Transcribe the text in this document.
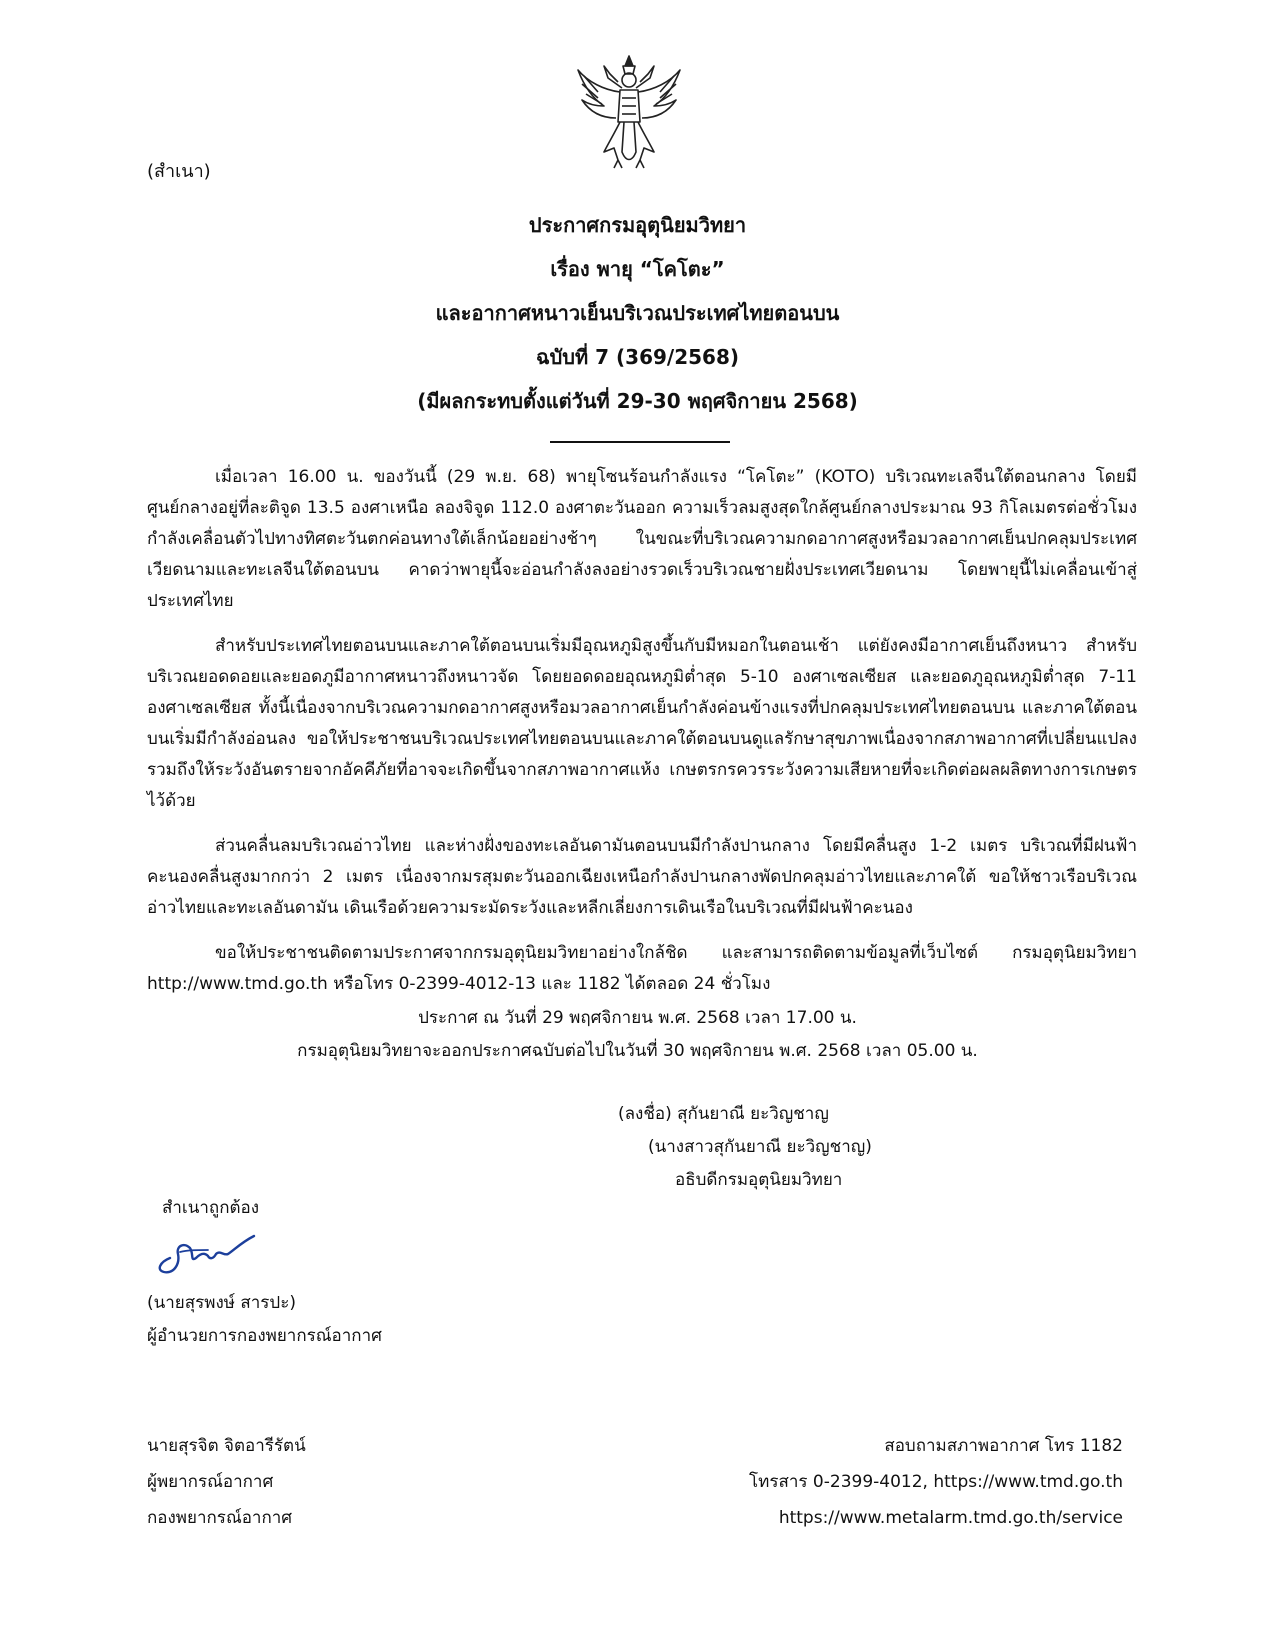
(สำเนา)
ประกาศกรมอุตุนิยมวิทยา
เรื่อง พายุ “โคโตะ”
และอากาศหนาวเย็นบริเวณประเทศไทยตอนบน
ฉบับที่ 7 (369/2568)
(มีผลกระทบตั้งแต่วันที่ 29-30 พฤศจิกายน 2568)

เมื่อเวลา 16.00 น. ของวันนี้ (29 พ.ย. 68) พายุโซนร้อนกำลังแรง “โคโตะ” (KOTO) บริเวณทะเลจีนใต้ตอนกลาง โดยมีศูนย์กลางอยู่ที่ละติจูด 13.5 องศาเหนือ ลองจิจูด 112.0 องศาตะวันออก ความเร็วลมสูงสุดใกล้ศูนย์กลางประมาณ 93 กิโลเมตรต่อชั่วโมง กำลังเคลื่อนตัวไปทางทิศตะวันตกค่อนทางใต้เล็กน้อยอย่างช้าๆ ในขณะที่บริเวณความกดอากาศสูงหรือมวลอากาศเย็นปกคลุมประเทศเวียดนามและทะเลจีนใต้ตอนบน คาดว่าพายุนี้จะอ่อนกำลังลงอย่างรวดเร็วบริเวณชายฝั่งประเทศเวียดนาม โดยพายุนี้ไม่เคลื่อนเข้าสู่ประเทศไทย

สำหรับประเทศไทยตอนบนและภาคใต้ตอนบนเริ่มมีอุณหภูมิสูงขึ้นกับมีหมอกในตอนเช้า แต่ยังคงมีอากาศเย็นถึงหนาว สำหรับบริเวณยอดดอยและยอดภูมีอากาศหนาวถึงหนาวจัด โดยยอดดอยอุณหภูมิต่ำสุด 5-10 องศาเซลเซียส และยอดภูอุณหภูมิต่ำสุด 7-11 องศาเซลเซียส ทั้งนี้เนื่องจากบริเวณความกดอากาศสูงหรือมวลอากาศเย็นกำลังค่อนข้างแรงที่ปกคลุมประเทศไทยตอนบน และภาคใต้ตอนบนเริ่มมีกำลังอ่อนลง ขอให้ประชาชนบริเวณประเทศไทยตอนบนและภาคใต้ตอนบนดูแลรักษาสุขภาพเนื่องจากสภาพอากาศที่เปลี่ยนแปลง รวมถึงให้ระวังอันตรายจากอัคคีภัยที่อาจจะเกิดขึ้นจากสภาพอากาศแห้ง เกษตรกรควรระวังความเสียหายที่จะเกิดต่อผลผลิตทางการเกษตรไว้ด้วย

ส่วนคลื่นลมบริเวณอ่าวไทย และห่างฝั่งของทะเลอันดามันตอนบนมีกำลังปานกลาง โดยมีคลื่นสูง 1-2 เมตร บริเวณที่มีฝนฟ้าคะนองคลื่นสูงมากกว่า 2 เมตร เนื่องจากมรสุมตะวันออกเฉียงเหนือกำลังปานกลางพัดปกคลุมอ่าวไทยและภาคใต้ ขอให้ชาวเรือบริเวณอ่าวไทยและทะเลอันดามัน เดินเรือด้วยความระมัดระวังและหลีกเลี่ยงการเดินเรือในบริเวณที่มีฝนฟ้าคะนอง

ขอให้ประชาชนติดตามประกาศจากกรมอุตุนิยมวิทยาอย่างใกล้ชิด และสามารถติดตามข้อมูลที่เว็บไซต์ กรมอุตุนิยมวิทยา http://www.tmd.go.th หรือโทร 0-2399-4012-13 และ 1182 ได้ตลอด 24 ชั่วโมง

ประกาศ ณ วันที่ 29 พฤศจิกายน พ.ศ. 2568 เวลา 17.00 น.
กรมอุตุนิยมวิทยาจะออกประกาศฉบับต่อไปในวันที่ 30 พฤศจิกายน พ.ศ. 2568 เวลา 05.00 น.
(ลงชื่อ) สุกันยาณี ยะวิญชาญ
(นางสาวสุกันยาณี ยะวิญชาญ)
อธิบดีกรมอุตุนิยมวิทยา
สำเนาถูกต้อง
(นายสุรพงษ์ สารปะ)
ผู้อำนวยการกองพยากรณ์อากาศ
นายสุรจิต จิตอารีรัตน์
ผู้พยากรณ์อากาศ
กองพยากรณ์อากาศ
สอบถามสภาพอากาศ โทร 1182
โทรสาร 0-2399-4012, https://www.tmd.go.th
https://www.metalarm.tmd.go.th/service
